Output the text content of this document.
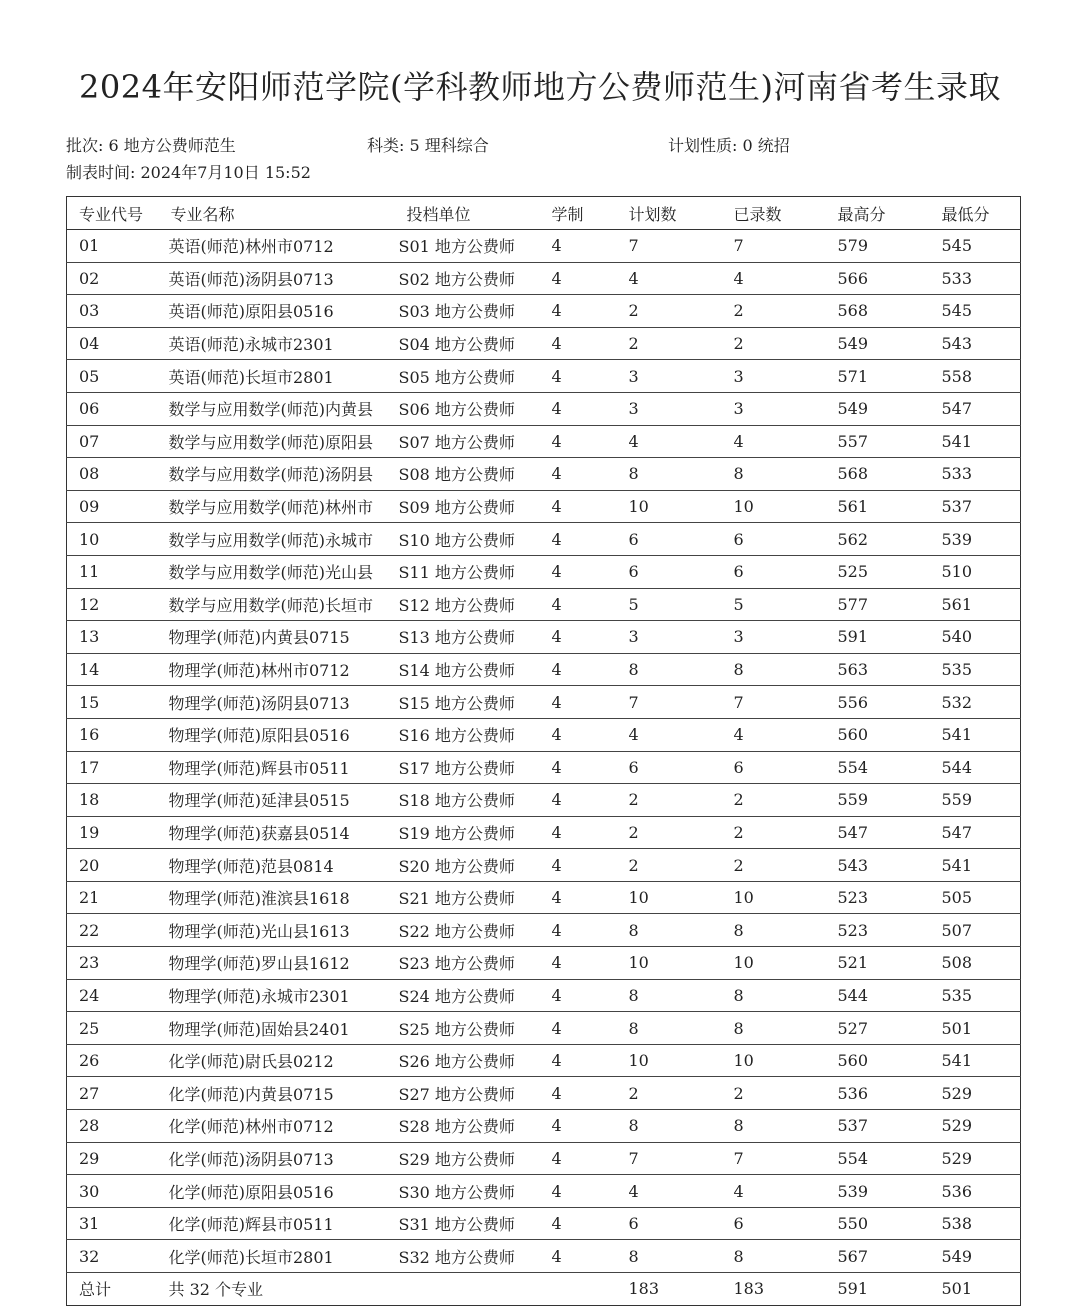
2024年安阳师范学院(学科教师地方公费师范生)河南省考生录取
批次: 6 地方公费师范生	科类: 5 理科综合	计划性质: 0 统招
制表时间: 2024年7月10日 15:52
专业代号	专业名称	投档单位	学制	计划数	已录数	最高分	最低分
01	英语(师范)林州市0712	S01 地方公费师	4	7	7	579	545
02	英语(师范)汤阴县0713	S02 地方公费师	4	4	4	566	533
03	英语(师范)原阳县0516	S03 地方公费师	4	2	2	568	545
04	英语(师范)永城市2301	S04 地方公费师	4	2	2	549	543
05	英语(师范)长垣市2801	S05 地方公费师	4	3	3	571	558
06	数学与应用数学(师范)内黄县	S06 地方公费师	4	3	3	549	547
07	数学与应用数学(师范)原阳县	S07 地方公费师	4	4	4	557	541
08	数学与应用数学(师范)汤阴县	S08 地方公费师	4	8	8	568	533
09	数学与应用数学(师范)林州市	S09 地方公费师	4	10	10	561	537
10	数学与应用数学(师范)永城市	S10 地方公费师	4	6	6	562	539
11	数学与应用数学(师范)光山县	S11 地方公费师	4	6	6	525	510
12	数学与应用数学(师范)长垣市	S12 地方公费师	4	5	5	577	561
13	物理学(师范)内黄县0715	S13 地方公费师	4	3	3	591	540
14	物理学(师范)林州市0712	S14 地方公费师	4	8	8	563	535
15	物理学(师范)汤阴县0713	S15 地方公费师	4	7	7	556	532
16	物理学(师范)原阳县0516	S16 地方公费师	4	4	4	560	541
17	物理学(师范)辉县市0511	S17 地方公费师	4	6	6	554	544
18	物理学(师范)延津县0515	S18 地方公费师	4	2	2	559	559
19	物理学(师范)获嘉县0514	S19 地方公费师	4	2	2	547	547
20	物理学(师范)范县0814	S20 地方公费师	4	2	2	543	541
21	物理学(师范)淮滨县1618	S21 地方公费师	4	10	10	523	505
22	物理学(师范)光山县1613	S22 地方公费师	4	8	8	523	507
23	物理学(师范)罗山县1612	S23 地方公费师	4	10	10	521	508
24	物理学(师范)永城市2301	S24 地方公费师	4	8	8	544	535
25	物理学(师范)固始县2401	S25 地方公费师	4	8	8	527	501
26	化学(师范)尉氏县0212	S26 地方公费师	4	10	10	560	541
27	化学(师范)内黄县0715	S27 地方公费师	4	2	2	536	529
28	化学(师范)林州市0712	S28 地方公费师	4	8	8	537	529
29	化学(师范)汤阴县0713	S29 地方公费师	4	7	7	554	529
30	化学(师范)原阳县0516	S30 地方公费师	4	4	4	539	536
31	化学(师范)辉县市0511	S31 地方公费师	4	6	6	550	538
32	化学(师范)长垣市2801	S32 地方公费师	4	8	8	567	549
总计	共 32 个专业			183	183	591	501
